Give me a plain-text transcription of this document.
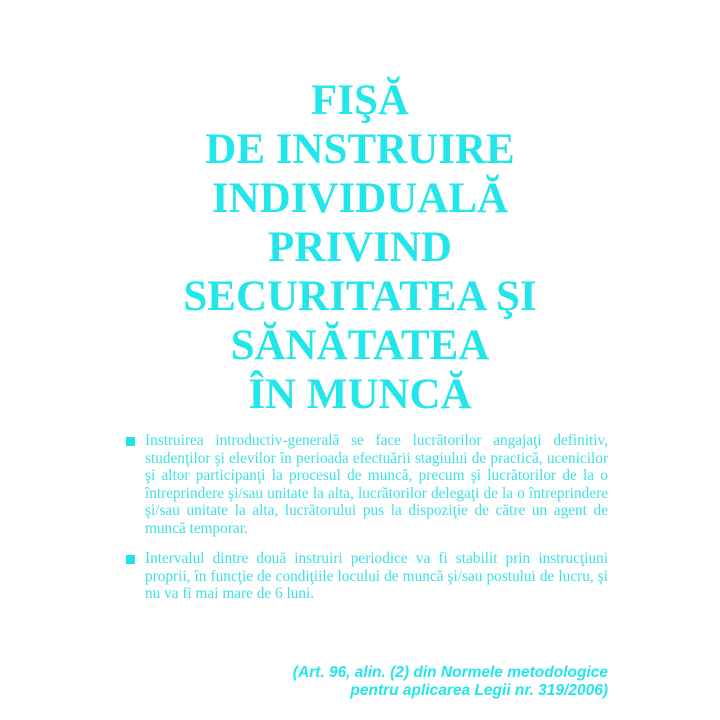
FIŞĂ
DE INSTRUIRE
INDIVIDUALĂ
PRIVIND
SECURITATEA ŞI
SĂNĂTATEA
ÎN MUNCĂ
Instruirea introductiv-generală se face lucrătorilor angajaţi definitiv, studenţilor şi elevilor în perioada efectuării stagiului de practică, ucenicilor şi altor participanţi la procesul de muncă, precum şi lucrătorilor de la o întreprindere şi/sau unitate la alta, lucrătorilor delegaţi de la o întreprindere şi/sau unitate la alta, lucrătorului pus la dispoziţie de către un agent de muncă temporar.
Intervalul dintre două instruiri periodice va fi stabilit prin instrucţiuni proprii, în funcţie de condiţiile locului de muncă şi/sau postului de lucru, şi nu va fi mai mare de 6 luni.
(Art. 96, alin. (2) din Normele metodologice
pentru aplicarea Legii nr. 319/2006)
